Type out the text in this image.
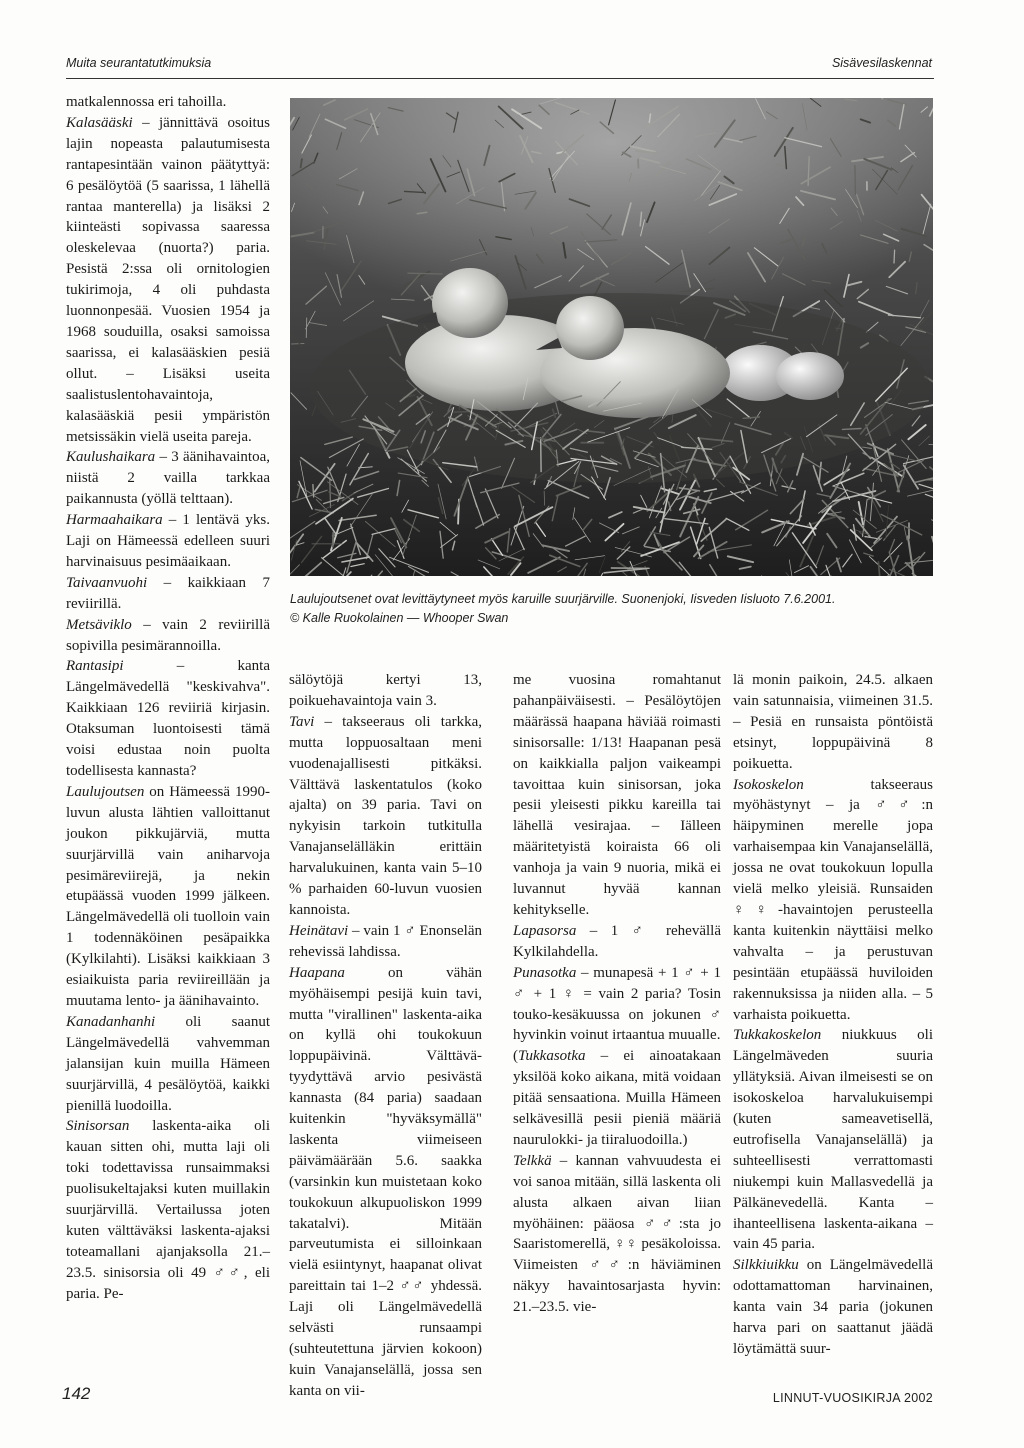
Muita seurantatutkimuksia	Sisävesilaskennat

matkalennossa eri tahoilla.

Kalasääski – jännittävä osoitus lajin nopeasta palautumisesta rantapesintään vainon päätyttyä: 6 pesälöytöä (5 saarissa, 1 lähellä rantaa manterella) ja lisäksi 2 kiinteästi sopivassa saaressa oleskelevaa (nuorta?) paria. Pesistä 2:ssa oli ornitologien tukirimoja, 4 oli puhdasta luonnonpesää. Vuosien 1954 ja 1968 souduilla, osaksi samoissa saarissa, ei kalasääskien pesiä ollut. – Lisäksi useita saalistuslentohavaintoja, kalasääskiä pesii ympäristön metsissäkin vielä useita pareja.

Kaulushaikara – 3 äänihavaintoa, niistä 2 vailla tarkkaa paikannusta (yöllä telttaan).

Harmaahaikara – 1 lentävä yks. Laji on Hämeessä edelleen suuri harvinaisuus pesimäaikaan.

Taivaanvuohi – kaikkiaan 7 reviirillä.

Metsäviklo – vain 2 reviirillä sopivilla pesimärannoilla.

Rantasipi – kanta Längelmävedellä "keskivahva". Kaikkiaan 126 reviiriä kirjasin. Otaksuman luontoisesti tämä voisi edustaa noin puolta todellisesta kannasta?

Laulujoutsen on Hämeessä 1990-luvun alusta lähtien valloittanut joukon pikkujärviä, mutta suurjärvillä vain aniharvoja pesimäreviirejä, ja nekin etupäässä vuoden 1999 jälkeen. Längelmävedellä oli tuolloin vain 1 todennäköinen pesäpaikka (Kylkilahti). Lisäksi kaikkiaan 3 esiaikuista paria reviireillään ja muutama lento- ja äänihavainto.

Kanadanhanhi oli saanut Längelmävedellä vahvemman jalansijan kuin muilla Hämeen suurjärvillä, 4 pesälöytöä, kaikki pienillä luodoilla.

Sinisorsan laskenta-aika oli kauan sitten ohi, mutta laji oli toki todettavissa runsaimmaksi puolisukeltajaksi kuten muillakin suurjärvillä. Vertailussa joten kuten välttäväksi laskenta-ajaksi toteamallani ajanjaksolla 21.–23.5. sinisorsia oli 49 ♂♂, eli paria. Pe-

Laulujoutsenet ovat levittäytyneet myös karuille suurjärville. Suonenjoki, Iisveden Iisluoto 7.6.2001.
© Kalle Ruokolainen — Whooper Swan

sälöytöjä kertyi 13, poikuehavaintoja vain 3.

Tavi – takseeraus oli tarkka, mutta loppuosaltaan meni vuodenajallisesti pitkäksi. Välttävä laskentatulos (koko ajalta) on 39 paria. Tavi on nykyisin tarkoin tutkitulla Vanajanselälläkin erittäin harvalukuinen, kanta vain 5–10 % parhaiden 60-luvun vuosien kannoista.

Heinätavi – vain 1 ♂ Enonselän rehevissä lahdissa.

Haapana on vähän myöhäisempi pesijä kuin tavi, mutta "virallinen" laskenta-aika on kyllä ohi toukokuun loppupäivinä. Välttävä-tyydyttävä arvio pesivästä kannasta (84 paria) saadaan kuitenkin "hyväksymällä" laskenta viimeiseen päivämäärään 5.6. saakka (varsinkin kun muistetaan koko toukokuun alkupuoliskon 1999 takatalvi). Mitään parveutumista ei silloinkaan vielä esiintynyt, haapanat olivat pareittain tai 1–2 ♂♂ yhdessä. Laji oli Längelmävedellä selvästi runsaampi (suhteutettuna järvien kokoon) kuin Vanajanselällä, jossa sen kanta on vii-

me vuosina romahtanut pahanpäiväisesti. – Pesälöytöjen määrässä haapana häviää roimasti sinisorsalle: 1/13! Haapanan pesä on kaikkialla paljon vaikeampi tavoittaa kuin sinisorsan, joka pesii yleisesti pikku kareilla tai lähellä vesirajaa. – Iälleen määritetyistä koiraista 66 oli vanhoja ja vain 9 nuoria, mikä ei luvannut hyvää kannan kehitykselle.

Lapasorsa – 1 ♂ rehevällä Kylkilahdella.

Punasotka – munapesä + 1 ♂ + 1 ♂ + 1 ♀ = vain 2 paria? Tosin touko-kesäkuussa on jokunen ♂ hyvinkin voinut irtaantua muualle.

(Tukkasotka – ei ainoatakaan yksilöä koko aikana, mitä voidaan pitää sensaationa. Muilla Hämeen selkävesillä pesii pieniä määriä naurulokki- ja tiiraluodoilla.)

Telkkä – kannan vahvuudesta ei voi sanoa mitään, sillä laskenta oli alusta alkaen aivan liian myöhäinen: pääosa ♂♂:sta jo Saaristomerellä, ♀♀ pesäkoloissa. Viimeisten ♂♂:n häviäminen näkyy havaintosarjasta hyvin: 21.–23.5. vie-

lä monin paikoin, 24.5. alkaen vain satunnaisia, viimeinen 31.5. – Pesiä en runsaista pöntöistä etsinyt, loppupäivinä 8 poikuetta.

Isokoskelon takseeraus myöhästynyt – ja ♂♂:n häipyminen merelle jopa varhaisempaa kin Vanajanselällä, jossa ne ovat toukokuun lopulla vielä melko yleisiä. Runsaiden ♀♀-havaintojen perusteella kanta kuitenkin näyttäisi melko vahvalta – ja perustuvan pesintään etupäässä huviloiden rakennuksissa ja niiden alla. – 5 varhaista poikuetta.

Tukkakoskelon niukkuus oli Längelmäveden suuria yllätyksiä. Aivan ilmeisesti se on isokoskeloa harvalukuisempi (kuten sameavetisellä, eutrofisella Vanajanselällä) ja suhteellisesti verrattomasti niukempi kuin Mallasvedellä ja Pälkänevedellä. Kanta – ihanteellisena laskenta-aikana – vain 45 paria.

Silkkiuikku on Längelmävedellä odottamattoman harvinainen, kanta vain 34 paria (jokunen harva pari on saattanut jäädä löytämättä suur-

142	LINNUT-VUOSIKIRJA 2002
